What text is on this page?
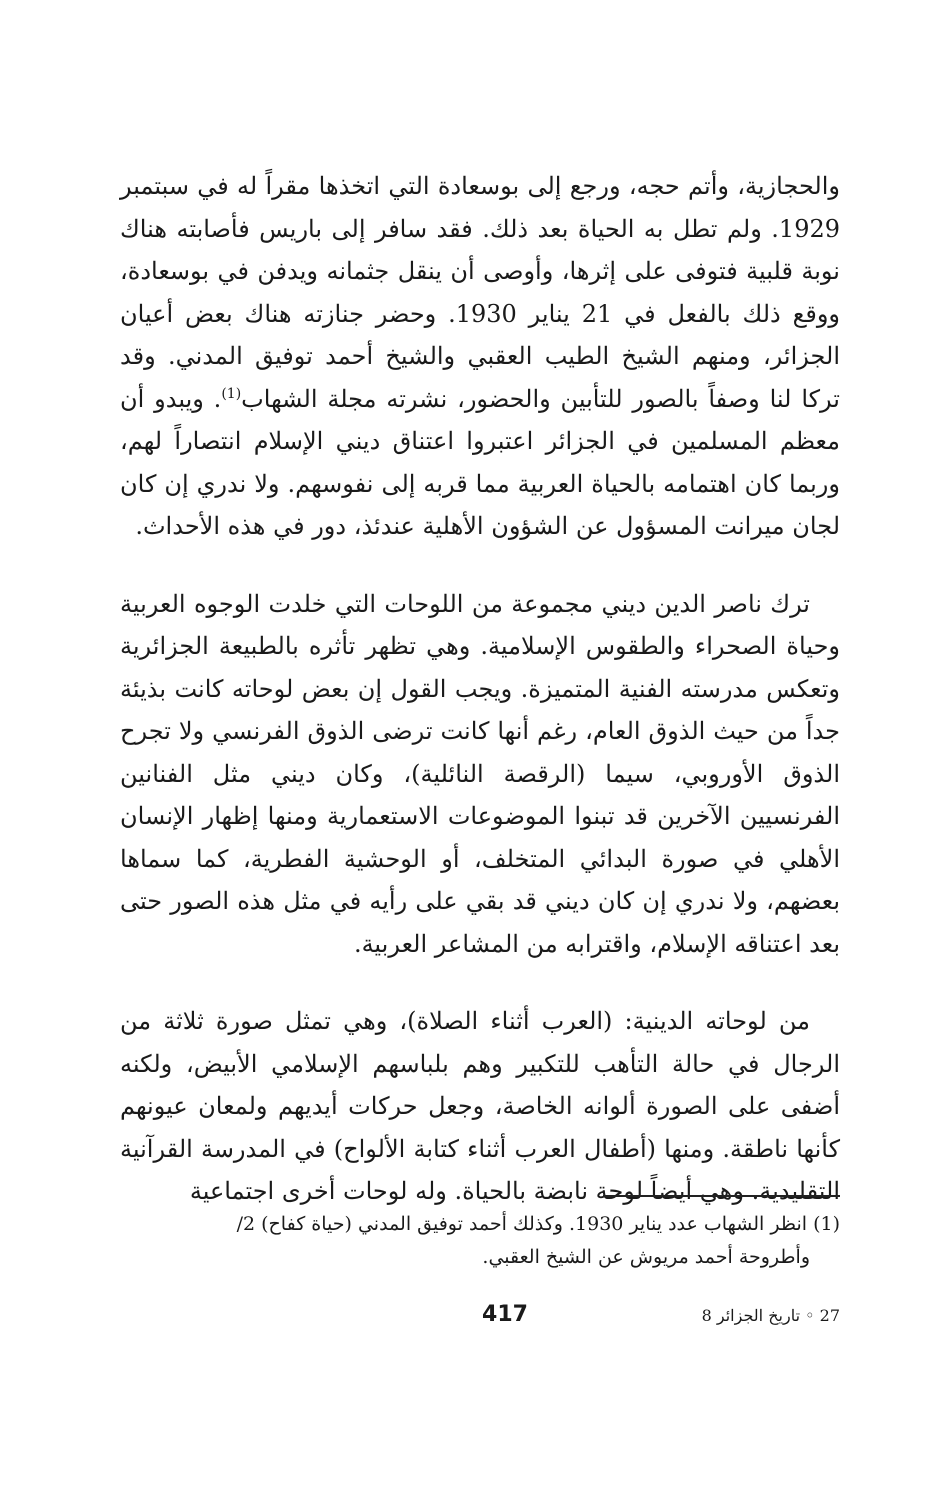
والحجازية، وأتم حجه، ورجع إلى بوسعادة التي اتخذها مقراً له في سبتمبر 1929. ولم تطل به الحياة بعد ذلك. فقد سافر إلى باريس فأصابته هناك نوبة قلبية فتوفى على إثرها، وأوصى أن ينقل جثمانه ويدفن في بوسعادة، ووقع ذلك بالفعل في 21 يناير 1930. وحضر جنازته هناك بعض أعيان الجزائر، ومنهم الشيخ الطيب العقبي والشيخ أحمد توفيق المدني. وقد تركا لنا وصفاً بالصور للتأبين والحضور، نشرته مجلة الشهاب$^{(1)}$. ويبدو أن معظم المسلمين في الجزائر اعتبروا اعتناق ديني الإسلام انتصاراً لهم، وربما كان اهتمامه بالحياة العربية مما قربه إلى نفوسهم. ولا ندري إن كان لجان ميرانت المسؤول عن الشؤون الأهلية عندئذ، دور في هذه الأحداث.

ترك ناصر الدين ديني مجموعة من اللوحات التي خلدت الوجوه العربية وحياة الصحراء والطقوس الإسلامية. وهي تظهر تأثره بالطبيعة الجزائرية وتعكس مدرسته الفنية المتميزة. ويجب القول إن بعض لوحاته كانت بذيئة جداً من حيث الذوق العام، رغم أنها كانت ترضى الذوق الفرنسي ولا تجرح الذوق الأوروبي، سيما (الرقصة النائلية)، وكان ديني مثل الفنانين الفرنسيين الآخرين قد تبنوا الموضوعات الاستعمارية ومنها إظهار الإنسان الأهلي في صورة البدائي المتخلف، أو الوحشية الفطرية، كما سماها بعضهم، ولا ندري إن كان ديني قد بقي على رأيه في مثل هذه الصور حتى بعد اعتناقه الإسلام، واقترابه من المشاعر العربية.

من لوحاته الدينية: (العرب أثناء الصلاة)، وهي تمثل صورة ثلاثة من الرجال في حالة التأهب للتكبير وهم بلباسهم الإسلامي الأبيض، ولكنه أضفى على الصورة ألوانه الخاصة، وجعل حركات أيديهم ولمعان عيونهم كأنها ناطقة. ومنها (أطفال العرب أثناء كتابة الألواح) في المدرسة القرآنية التقليدية. وهي أيضاً لوحة نابضة بالحياة. وله لوحات أخرى اجتماعية

(1) انظر الشهاب عدد يناير 1930. وكذلك أحمد توفيق المدني (حياة كفاح) 2/
وأطروحة أحمد مريوش عن الشيخ العقبي.

417	27 ◦ تاريخ الجزائر 8
